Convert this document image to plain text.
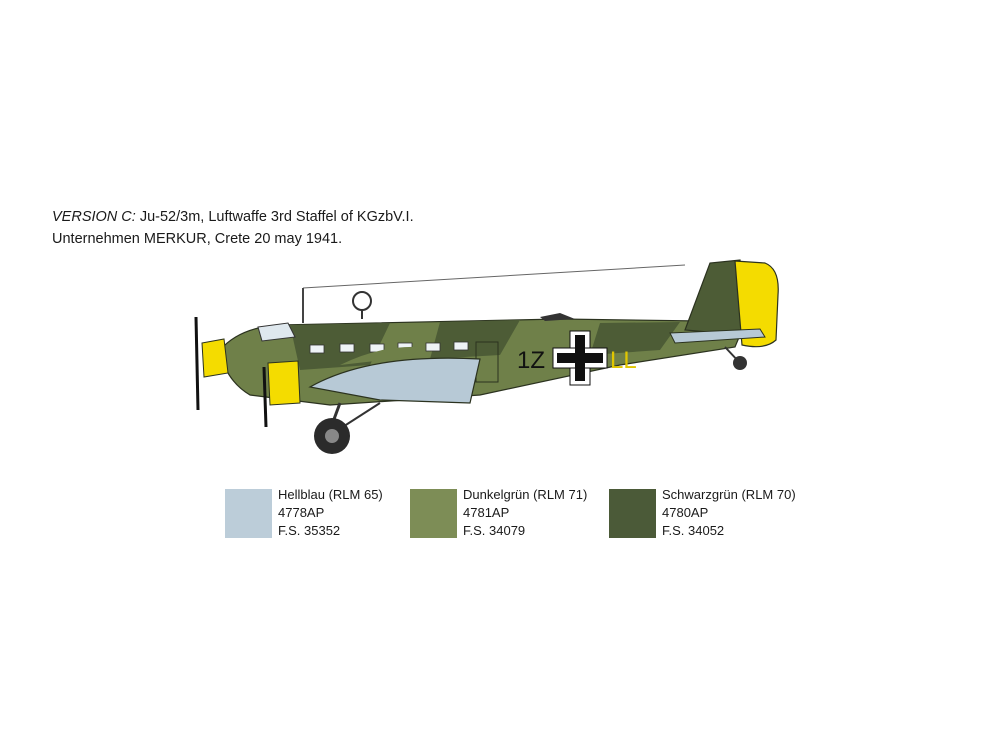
VERSION C: Ju-52/3m, Luftwaffe 3rd Staffel of KGzbV.I.
Unternehmen MERKUR, Crete 20 may 1941.
1Z	LL
Hellblau (RLM 65)
4778AP
F.S. 35352
Dunkelgrün (RLM 71)
4781AP
F.S. 34079
Schwarzgrün (RLM 70)
4780AP
F.S. 34052
